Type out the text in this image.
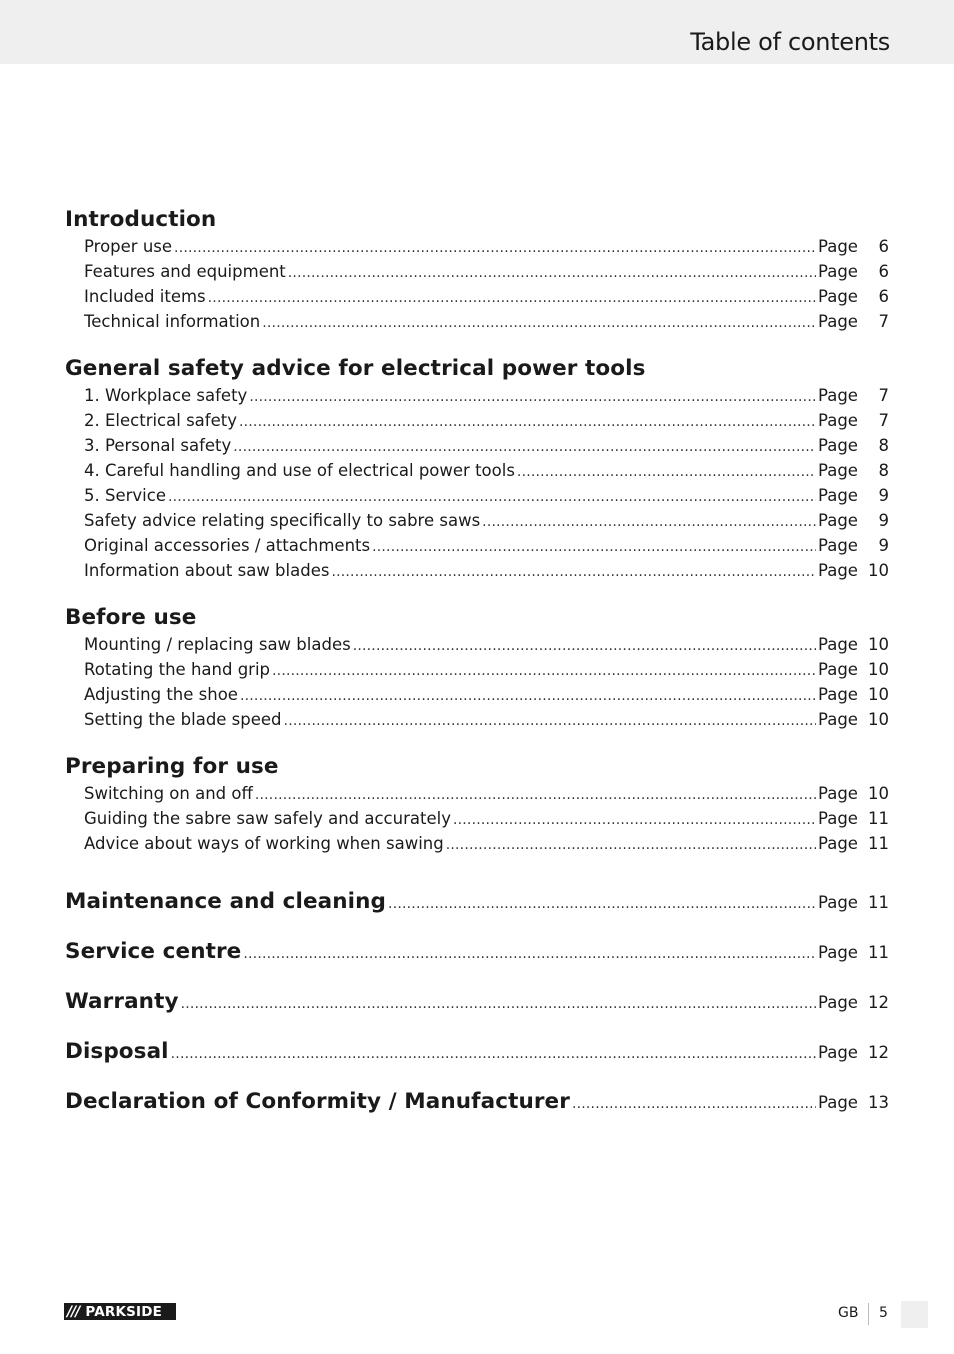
Table of contents
Introduction
Proper use .....	Page	6
Features and equipment .....	Page	6
Included items .....	Page	6
Technical information .....	Page	7
General safety advice for electrical power tools
1. Workplace safety .....	Page	7
2. Electrical safety .....	Page	7
3. Personal safety .....	Page	8
4. Careful handling and use of electrical power tools .....	Page	8
5. Service .....	Page	9
Safety advice relating specifically to sabre saws .....	Page	9
Original accessories / attachments .....	Page	9
Information about saw blades .....	Page 10
Before use
Mounting / replacing saw blades .....	Page 10
Rotating the hand grip .....	Page 10
Adjusting the shoe .....	Page 10
Setting the blade speed .....	Page 10
Preparing for use
Switching on and off .....	Page 10
Guiding the sabre saw safely and accurately .....	Page 11
Advice about ways of working when sawing .....	Page 11
Maintenance and cleaning .....	Page 11
Service centre .....	Page 11
Warranty .....	Page 12
Disposal .....	Page 12
Declaration of Conformity / Manufacturer .....	Page 13
/// PARKSIDE	GB 5
